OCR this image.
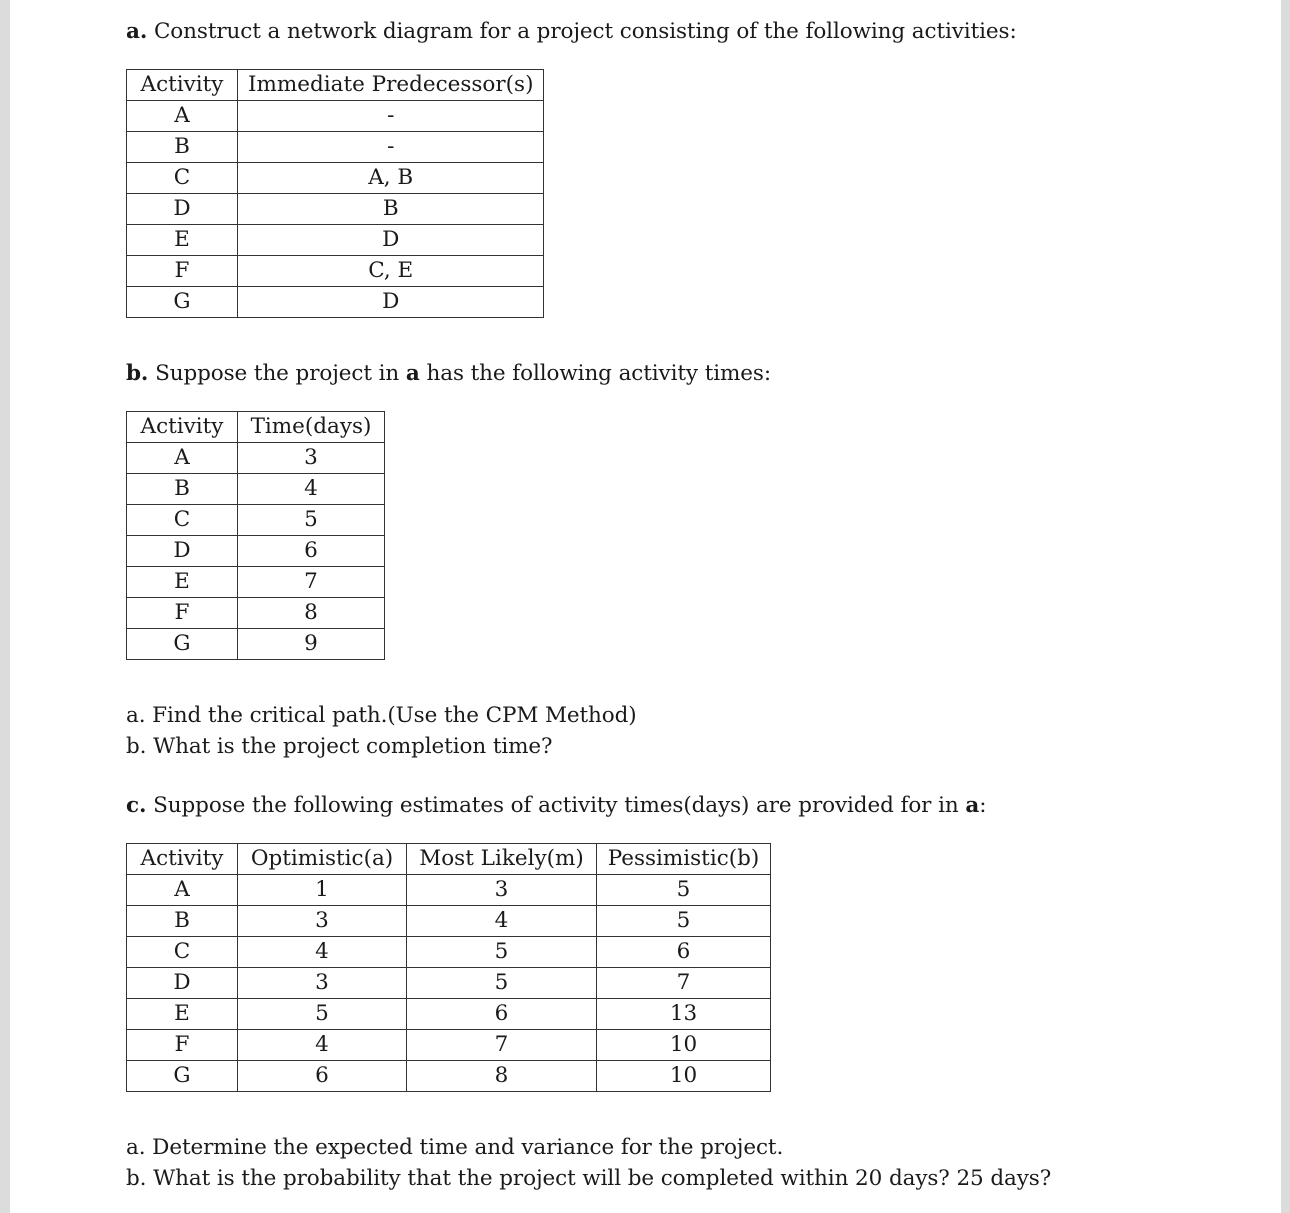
a. Construct a network diagram for a project consisting of the following activities:
Activity	Immediate Predecessor(s)
A	-
B	-
C	A, B
D	B
E	D
F	C, E
G	D
b. Suppose the project in a has the following activity times:
Activity	Time(days)
A	3
B	4
C	5
D	6
E	7
F	8
G	9
a. Find the critical path.(Use the CPM Method)
b. What is the project completion time?
c. Suppose the following estimates of activity times(days) are provided for in a:
Activity	Optimistic(a)	Most Likely(m)	Pessimistic(b)
A	1	3	5
B	3	4	5
C	4	5	6
D	3	5	7
E	5	6	13
F	4	7	10
G	6	8	10
a. Determine the expected time and variance for the project.
b. What is the probability that the project will be completed within 20 days? 25 days?
